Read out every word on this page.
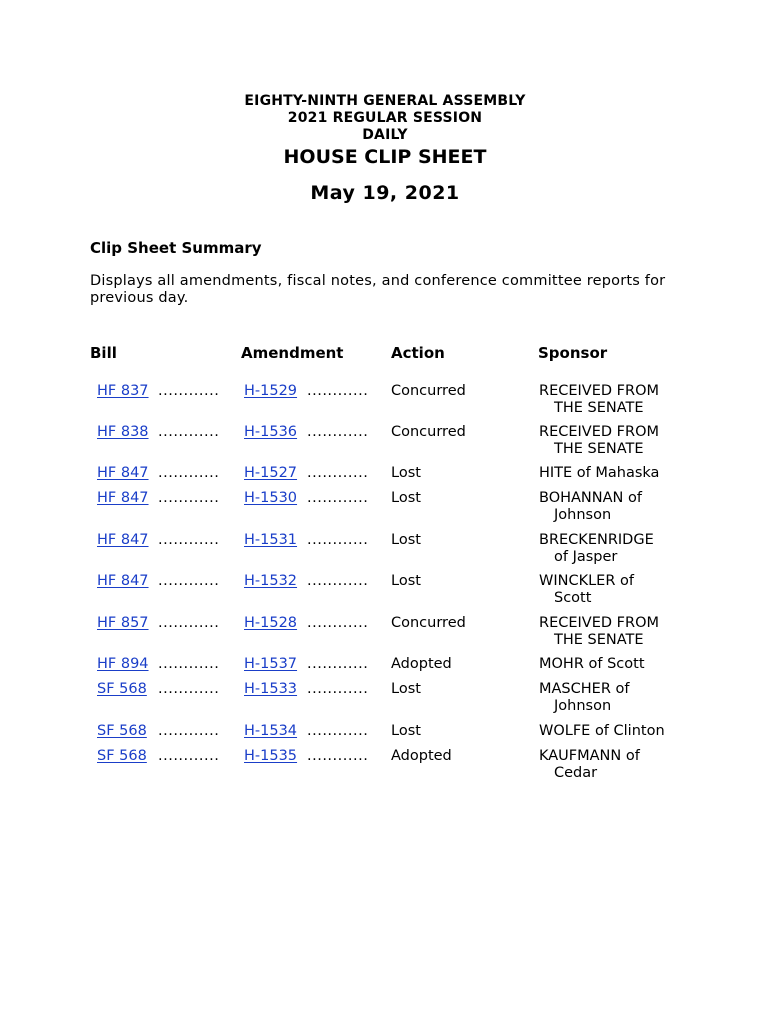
EIGHTY-NINTH GENERAL ASSEMBLY
2021 REGULAR SESSION
DAILY
HOUSE CLIP SHEET
May 19, 2021
Clip Sheet Summary
Displays all amendments, fiscal notes, and conference committee reports for previous day.
Bill	Amendment	Action	Sponsor
HF 837 ............ H-1529 ............ Concurred	RECEIVED FROM
THE SENATE
HF 838 ............ H-1536 ............ Concurred	RECEIVED FROM
THE SENATE
HF 847 ............ H-1527 ............ Lost	HITE of Mahaska
HF 847 ............ H-1530 ............ Lost	BOHANNAN of
Johnson
HF 847 ............ H-1531 ............ Lost	BRECKENRIDGE
of Jasper
HF 847 ............ H-1532 ............ Lost	WINCKLER of
Scott
HF 857 ............ H-1528 ............ Concurred	RECEIVED FROM
THE SENATE
HF 894 ............ H-1537 ............ Adopted	MOHR of Scott
SF 568 ............ H-1533 ............ Lost	MASCHER of
Johnson
SF 568 ............ H-1534 ............ Lost	WOLFE of Clinton
SF 568 ............ H-1535 ............ Adopted	KAUFMANN of
Cedar
